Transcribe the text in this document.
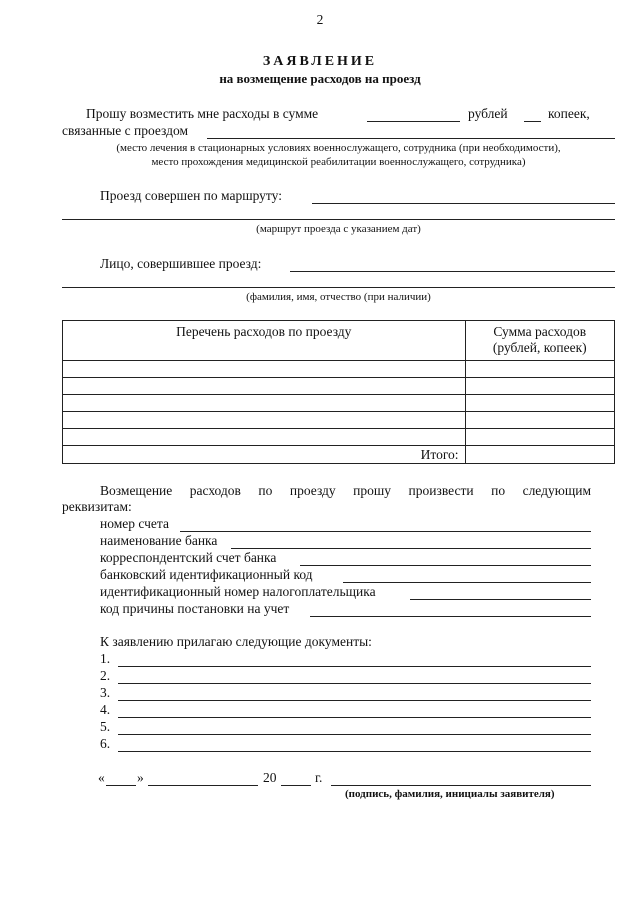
2
ЗАЯВЛЕНИЕ
на возмещение расходов на проезд
Прошу возместить мне расходы в сумме	рублей	копеек,
связанные с проездом
(место лечения в стационарных условиях военнослужащего, сотрудника (при необходимости),
место прохождения медицинской реабилитации военнослужащего, сотрудника)
Проезд совершен по маршруту:
(маршрут проезда с указанием дат)
Лицо, совершившее проезд:
(фамилия, имя, отчество (при наличии)
Перечень расходов по проезду	Сумма расходов
(рублей, копеек)

Итого:	
Возмещение расходов по проезду прошу произвести по следующим
реквизитам:
номер счета
наименование банка
корреспондентский счет банка
банковский идентификационный код
идентификационный номер налогоплательщика
код причины постановки на учет
К заявлению прилагаю следующие документы:
1.
2.
3.
4.
5.
6.
« »	20	г.
(подпись, фамилия, инициалы заявителя)
